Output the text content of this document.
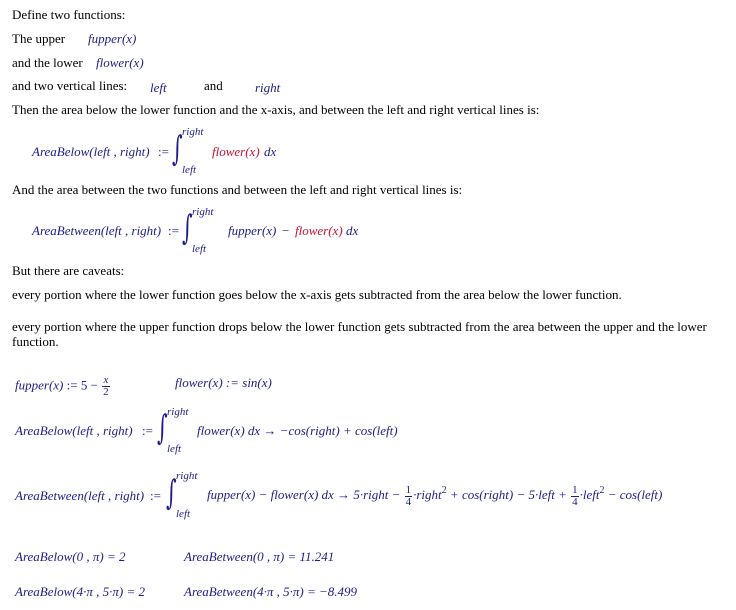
Define two functions:
The upper fupper(x)
and the lower flower(x)
and two vertical lines: left	and right
Then the area below the lower function and the x-axis, and between the left and right vertical lines is:
AreaBelow(left , right) :=
right
∫
left
flower(x) dx
And the area between the two functions and between the left and right vertical lines is:
AreaBetween(left , right) :=
right
∫
left
fupper(x) − flower(x) dx
But there are caveats:
every portion where the lower function goes below the x-axis gets subtracted from the area below the lower function.
every portion where the upper function drops below the lower function gets subtracted from the area between the upper and the lower function.
fupper(x) := $5 - \frac{x}{2}$	flower(x) := sin(x)
AreaBelow(left , right) :=
right
∫
left
flower(x) dx → −cos(right) + cos(left)
AreaBetween(left , right) :=
right
∫
left
fupper(x) − flower(x) dx → 5·right − $\frac{1}{4}$ ·right$^2$ + cos(right) − 5·left + $\frac{1}{4}$ ·left$^2$ − cos(left)
AreaBelow(0 , π) = 2	AreaBetween(0 , π) = 11.241
AreaBelow(4·π , 5·π) = 2	AreaBetween(4·π , 5·π) = −8.499
